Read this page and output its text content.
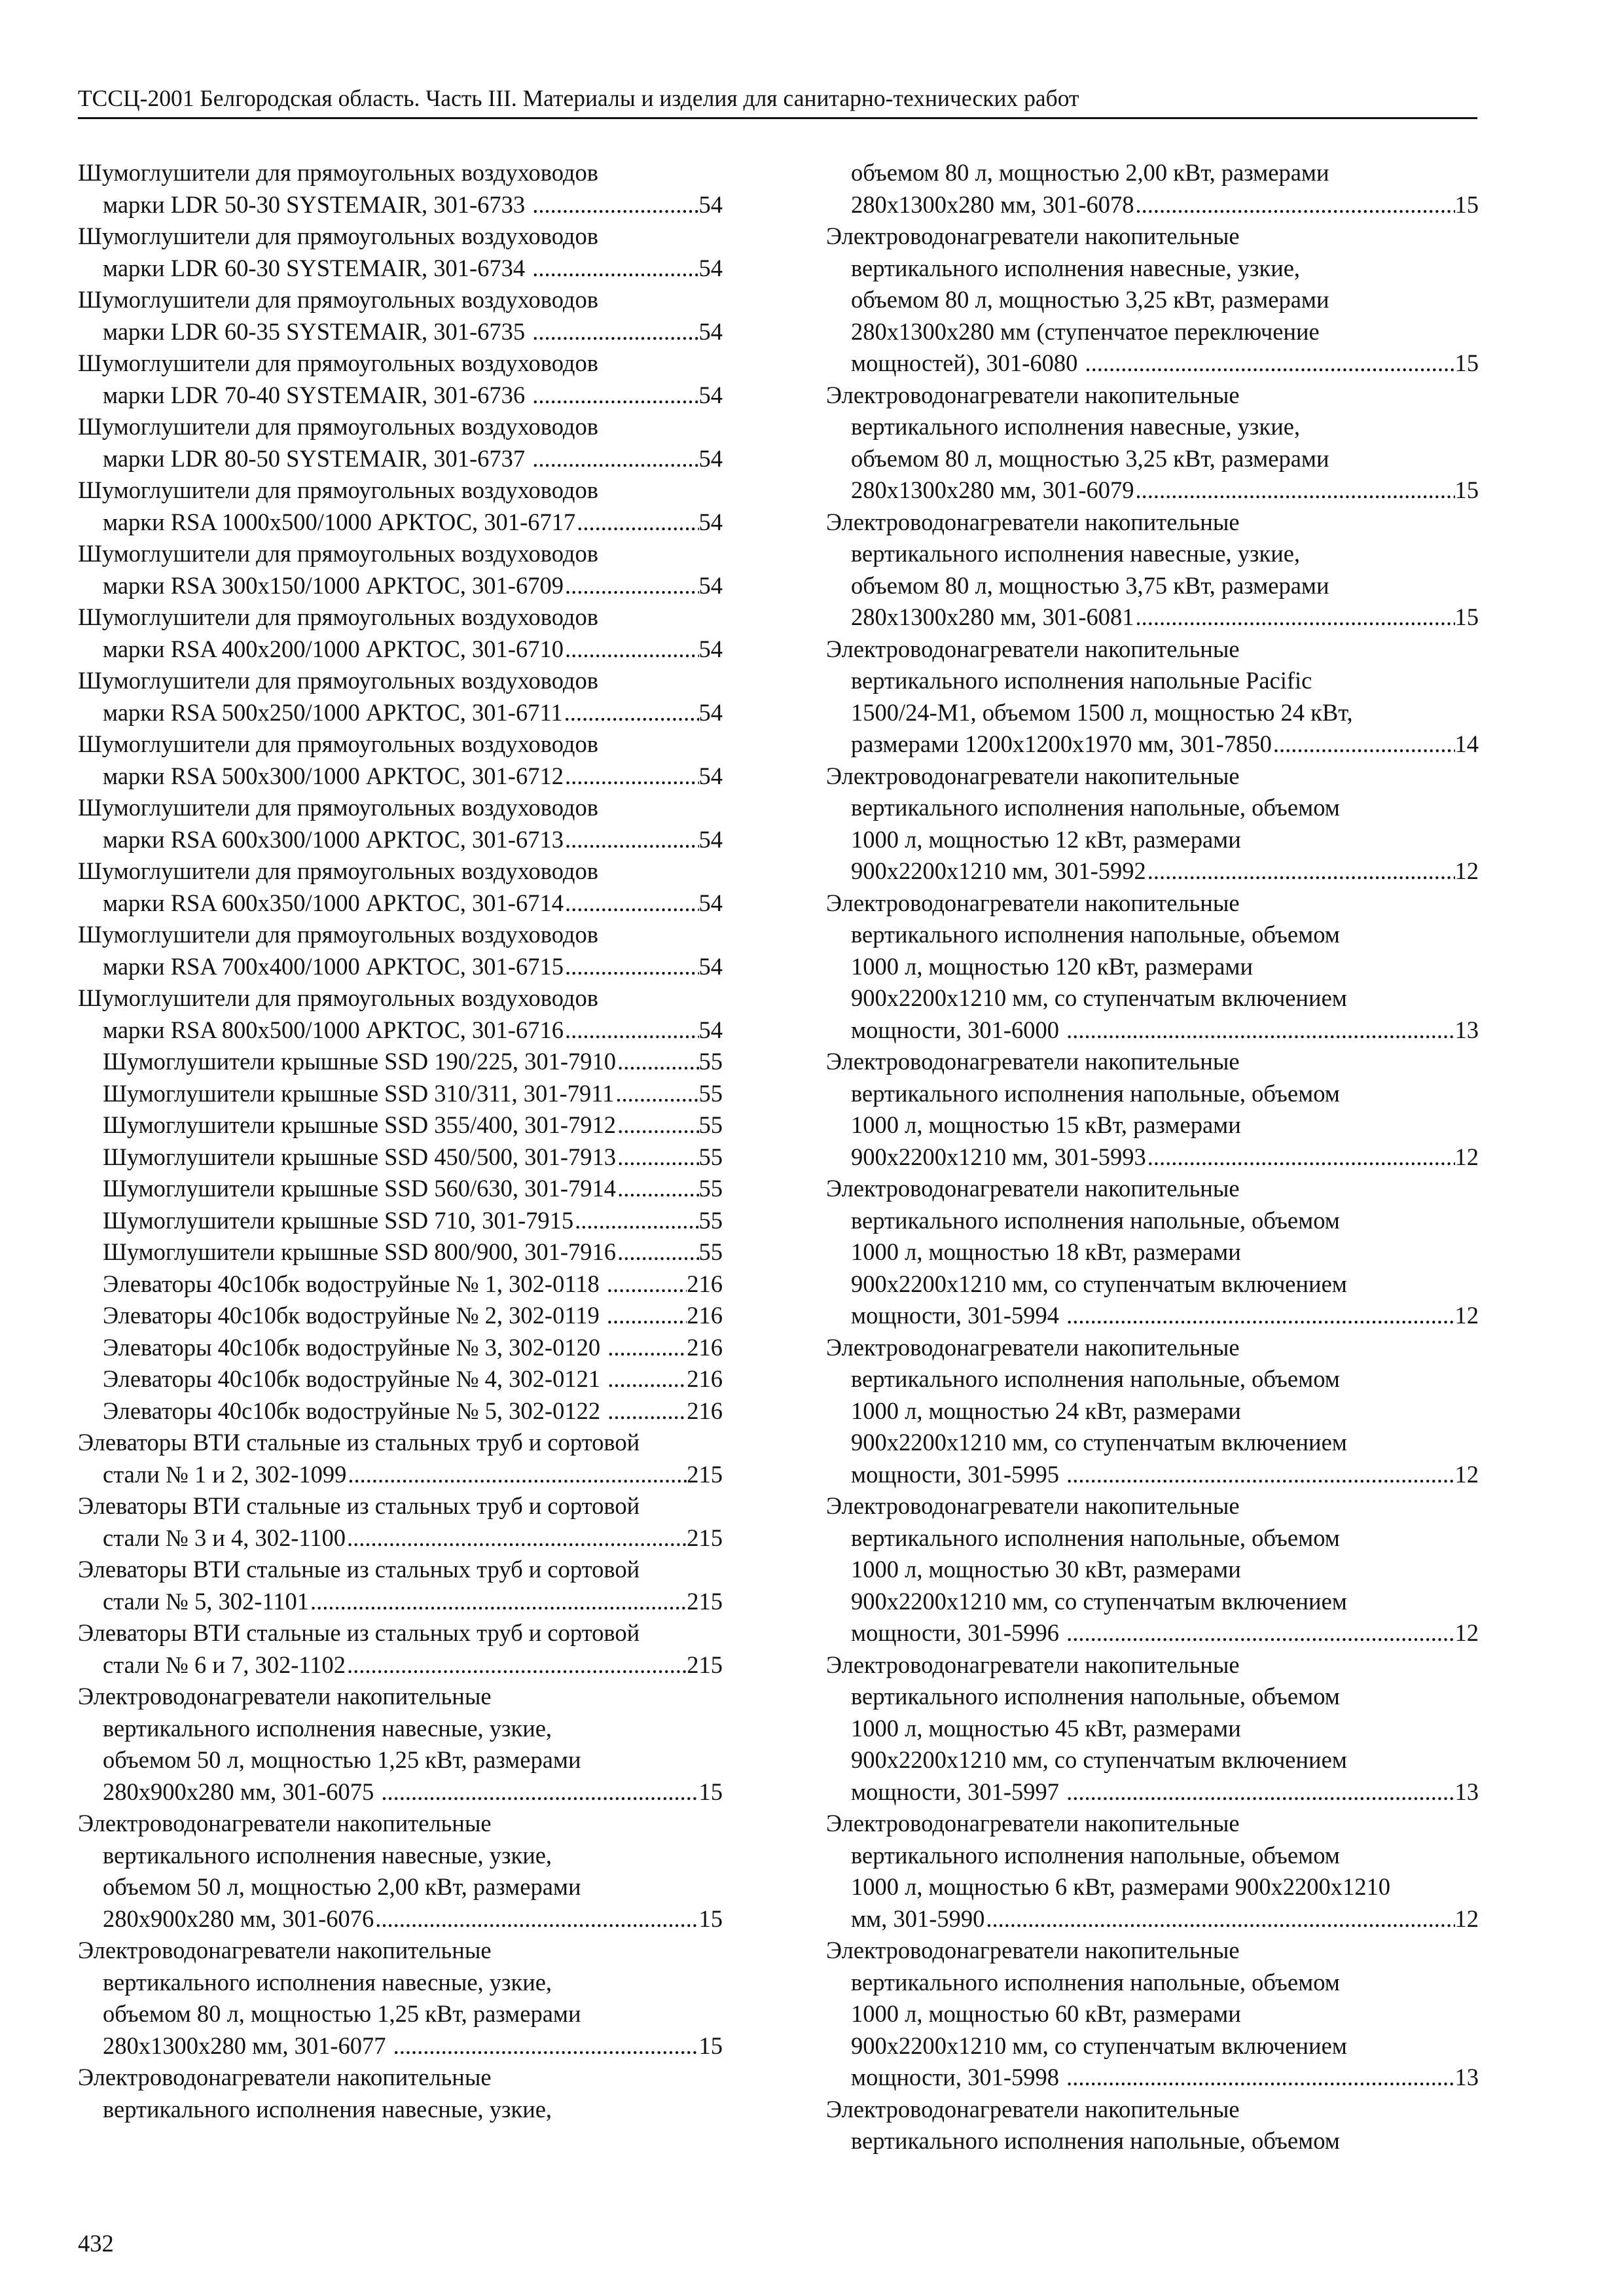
ТССЦ-2001 Белгородская область. Часть III. Материалы и изделия для санитарно-технических работ
Шумоглушители для прямоугольных воздуховодов
марки LDR 50-30 SYSTEMAIR, 301-6733 .....	54
Шумоглушители для прямоугольных воздуховодов
марки LDR 60-30 SYSTEMAIR, 301-6734 .....	54
Шумоглушители для прямоугольных воздуховодов
марки LDR 60-35 SYSTEMAIR, 301-6735 .....	54
Шумоглушители для прямоугольных воздуховодов
марки LDR 70-40 SYSTEMAIR, 301-6736 .....	54
Шумоглушители для прямоугольных воздуховодов
марки LDR 80-50 SYSTEMAIR, 301-6737 .....	54
Шумоглушители для прямоугольных воздуховодов
марки RSA 1000x500/1000 АРКТОС, 301-6717 .....	54
Шумоглушители для прямоугольных воздуховодов
марки RSA 300x150/1000 АРКТОС, 301-6709 .....	54
Шумоглушители для прямоугольных воздуховодов
марки RSA 400x200/1000 АРКТОС, 301-6710 .....	54
Шумоглушители для прямоугольных воздуховодов
марки RSA 500x250/1000 АРКТОС, 301-6711 .....	54
Шумоглушители для прямоугольных воздуховодов
марки RSA 500x300/1000 АРКТОС, 301-6712 .....	54
Шумоглушители для прямоугольных воздуховодов
марки RSA 600x300/1000 АРКТОС, 301-6713 .....	54
Шумоглушители для прямоугольных воздуховодов
марки RSA 600x350/1000 АРКТОС, 301-6714 .....	54
Шумоглушители для прямоугольных воздуховодов
марки RSA 700x400/1000 АРКТОС, 301-6715 .....	54
Шумоглушители для прямоугольных воздуховодов
марки RSA 800x500/1000 АРКТОС, 301-6716 .....	54
Шумоглушители крышные SSD 190/225, 301-7910 .....	55
Шумоглушители крышные SSD 310/311, 301-7911 .....	55
Шумоглушители крышные SSD 355/400, 301-7912 .....	55
Шумоглушители крышные SSD 450/500, 301-7913 .....	55
Шумоглушители крышные SSD 560/630, 301-7914 .....	55
Шумоглушители крышные SSD 710, 301-7915 .....	55
Шумоглушители крышные SSD 800/900, 301-7916 .....	55
Элеваторы 40с10бк водоструйные № 1, 302-0118 .....	216
Элеваторы 40с10бк водоструйные № 2, 302-0119 .....	216
Элеваторы 40с10бк водоструйные № 3, 302-0120 .....	216
Элеваторы 40с10бк водоструйные № 4, 302-0121 .....	216
Элеваторы 40с10бк водоструйные № 5, 302-0122 .....	216
Элеваторы ВТИ стальные из стальных труб и сортовой
стали № 1 и 2, 302-1099 .....	215
Элеваторы ВТИ стальные из стальных труб и сортовой
стали № 3 и 4, 302-1100 .....	215
Элеваторы ВТИ стальные из стальных труб и сортовой
стали № 5, 302-1101 .....	215
Элеваторы ВТИ стальные из стальных труб и сортовой
стали № 6 и 7, 302-1102 .....	215
Электроводонагреватели накопительные
вертикального исполнения навесные, узкие,
объемом 50 л, мощностью 1,25 кВт, размерами
280x900x280 мм, 301-6075 .....	15
Электроводонагреватели накопительные
вертикального исполнения навесные, узкие,
объемом 50 л, мощностью 2,00 кВт, размерами
280x900x280 мм, 301-6076 .....	15
Электроводонагреватели накопительные
вертикального исполнения навесные, узкие,
объемом 80 л, мощностью 1,25 кВт, размерами
280x1300x280 мм, 301-6077 .....	15
Электроводонагреватели накопительные
вертикального исполнения навесные, узкие,
объемом 80 л, мощностью 2,00 кВт, размерами
280x1300x280 мм, 301-6078 .....	15
Электроводонагреватели накопительные
вертикального исполнения навесные, узкие,
объемом 80 л, мощностью 3,25 кВт, размерами
280x1300x280 мм (ступенчатое переключение
мощностей), 301-6080 .....	15
Электроводонагреватели накопительные
вертикального исполнения навесные, узкие,
объемом 80 л, мощностью 3,25 кВт, размерами
280x1300x280 мм, 301-6079 .....	15
Электроводонагреватели накопительные
вертикального исполнения навесные, узкие,
объемом 80 л, мощностью 3,75 кВт, размерами
280x1300x280 мм, 301-6081 .....	15
Электроводонагреватели накопительные
вертикального исполнения напольные Pacific
1500/24-M1, объемом 1500 л, мощностью 24 кВт,
размерами 1200x1200x1970 мм, 301-7850 .....	14
Электроводонагреватели накопительные
вертикального исполнения напольные, объемом
1000 л, мощностью 12 кВт, размерами
900x2200x1210 мм, 301-5992 .....	12
Электроводонагреватели накопительные
вертикального исполнения напольные, объемом
1000 л, мощностью 120 кВт, размерами
900x2200x1210 мм, со ступенчатым включением
мощности, 301-6000 .....	13
Электроводонагреватели накопительные
вертикального исполнения напольные, объемом
1000 л, мощностью 15 кВт, размерами
900x2200x1210 мм, 301-5993 .....	12
Электроводонагреватели накопительные
вертикального исполнения напольные, объемом
1000 л, мощностью 18 кВт, размерами
900x2200x1210 мм, со ступенчатым включением
мощности, 301-5994 .....	12
Электроводонагреватели накопительные
вертикального исполнения напольные, объемом
1000 л, мощностью 24 кВт, размерами
900x2200x1210 мм, со ступенчатым включением
мощности, 301-5995 .....	12
Электроводонагреватели накопительные
вертикального исполнения напольные, объемом
1000 л, мощностью 30 кВт, размерами
900x2200x1210 мм, со ступенчатым включением
мощности, 301-5996 .....	12
Электроводонагреватели накопительные
вертикального исполнения напольные, объемом
1000 л, мощностью 45 кВт, размерами
900x2200x1210 мм, со ступенчатым включением
мощности, 301-5997 .....	13
Электроводонагреватели накопительные
вертикального исполнения напольные, объемом
1000 л, мощностью 6 кВт, размерами 900x2200x1210
мм, 301-5990 .....	12
Электроводонагреватели накопительные
вертикального исполнения напольные, объемом
1000 л, мощностью 60 кВт, размерами
900x2200x1210 мм, со ступенчатым включением
мощности, 301-5998 .....	13
Электроводонагреватели накопительные
вертикального исполнения напольные, объемом
432
